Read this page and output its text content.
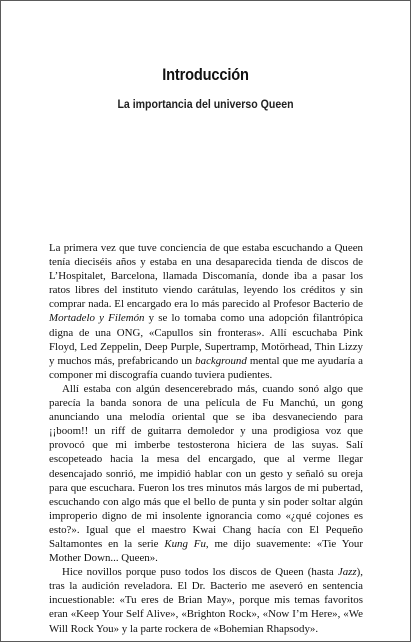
Introducción
La importancia del universo Queen

La primera vez que tuve conciencia de que estaba escuchando a Queen tenía dieciséis años y estaba en una desaparecida tienda de discos de L’Hospitalet, Barcelona, llamada Discomanía, donde iba a pasar los ratos libres del instituto viendo carátulas, leyendo los créditos y sin comprar nada. El encargado era lo más parecido al Profesor Bacterio de Mortadelo y Filemón y se lo tomaba como una adopción filantrópica digna de una ONG, «Capullos sin fronteras». Allí escuchaba Pink Floyd, Led Zeppelin, Deep Purple, Supertramp, Motörhead, Thin Lizzy y muchos más, prefabricando un background mental que me ayudaría a componer mi discografía cuando tuviera pudientes.

Allí estaba con algún desencerebrado más, cuando sonó algo que parecía la banda sonora de una película de Fu Manchú, un gong anunciando una melodía oriental que se iba desvaneciendo para ¡¡boom!! un riff de guitarra demoledor y una prodigiosa voz que provocó que mi imberbe testosterona hiciera de las suyas. Salí escopeteado hacia la mesa del encargado, que al verme llegar desencajado sonrió, me impidió hablar con un gesto y señaló su oreja para que escuchara. Fueron los tres minutos más largos de mi pubertad, escuchando con algo más que el bello de punta y sin poder soltar algún improperio digno de mi insolente ignorancia como «¿qué cojones es esto?». Igual que el maestro Kwai Chang hacía con El Pequeño Saltamontes en la serie Kung Fu, me dijo suavemente: «Tie Your Mother Down... Queen».

Hice novillos porque puso todos los discos de Queen (hasta Jazz), tras la audición reveladora. El Dr. Bacterio me aseveró en sentencia incuestionable: «Tu eres de Brian May», porque mis temas favoritos eran «Keep Your Self Alive», «Brighton Rock», «Now I’m Here», «We Will Rock You» y la parte rockera de «Bohemian Rhapsody».
